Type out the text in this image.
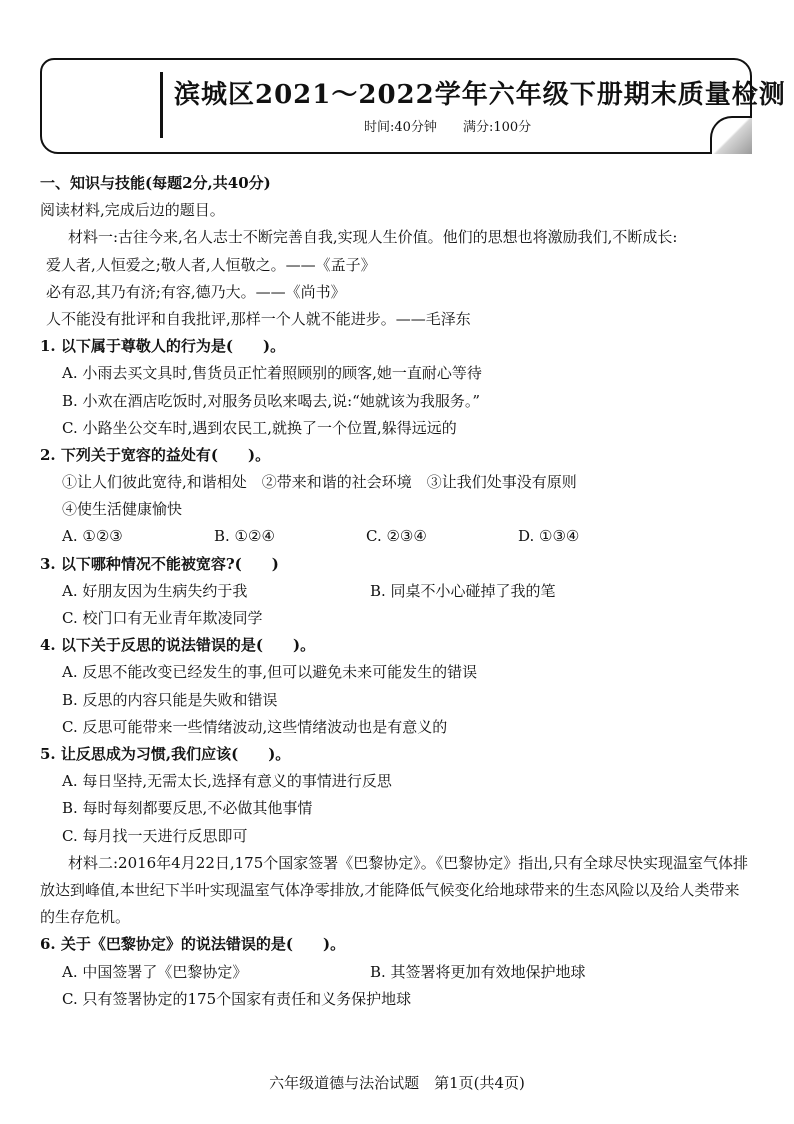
滨城区2021～2022学年六年级下册期末质量检测
时间:40分钟 满分:100分
一、知识与技能(每题2分,共40分)
阅读材料,完成后边的题目。
材料一:古往今来,名人志士不断完善自我,实现人生价值。他们的思想也将激励我们,不断成长:
爱人者,人恒爱之;敬人者,人恒敬之。——《孟子》
必有忍,其乃有济;有容,德乃大。——《尚书》
人不能没有批评和自我批评,那样一个人就不能进步。——毛泽东
1. 以下属于尊敬人的行为是(　　)。
A. 小雨去买文具时,售货员正忙着照顾别的顾客,她一直耐心等待
B. 小欢在酒店吃饭时,对服务员吆来喝去,说:“她就该为我服务。”
C. 小路坐公交车时,遇到农民工,就换了一个位置,躲得远远的
2. 下列关于宽容的益处有(　　)。
①让人们彼此宽待,和谐相处　②带来和谐的社会环境　③让我们处事没有原则
④使生活健康愉快
A. ①②③	B. ①②④	C. ②③④	D. ①③④
3. 以下哪种情况不能被宽容?(　　)
A. 好朋友因为生病失约于我	B. 同桌不小心碰掉了我的笔
C. 校门口有无业青年欺凌同学
4. 以下关于反思的说法错误的是(　　)。
A. 反思不能改变已经发生的事,但可以避免未来可能发生的错误
B. 反思的内容只能是失败和错误
C. 反思可能带来一些情绪波动,这些情绪波动也是有意义的
5. 让反思成为习惯,我们应该(　　)。
A. 每日坚持,无需太长,选择有意义的事情进行反思
B. 每时每刻都要反思,不必做其他事情
C. 每月找一天进行反思即可
材料二:2016年4月22日,175个国家签署《巴黎协定》。《巴黎协定》指出,只有全球尽快实现温室气体排放达到峰值,本世纪下半叶实现温室气体净零排放,才能降低气候变化给地球带来的生态风险以及给人类带来的生存危机。
6. 关于《巴黎协定》的说法错误的是(　　)。
A. 中国签署了《巴黎协定》	B. 其签署将更加有效地保护地球
C. 只有签署协定的175个国家有责任和义务保护地球
六年级道德与法治试题　第1页(共4页)
